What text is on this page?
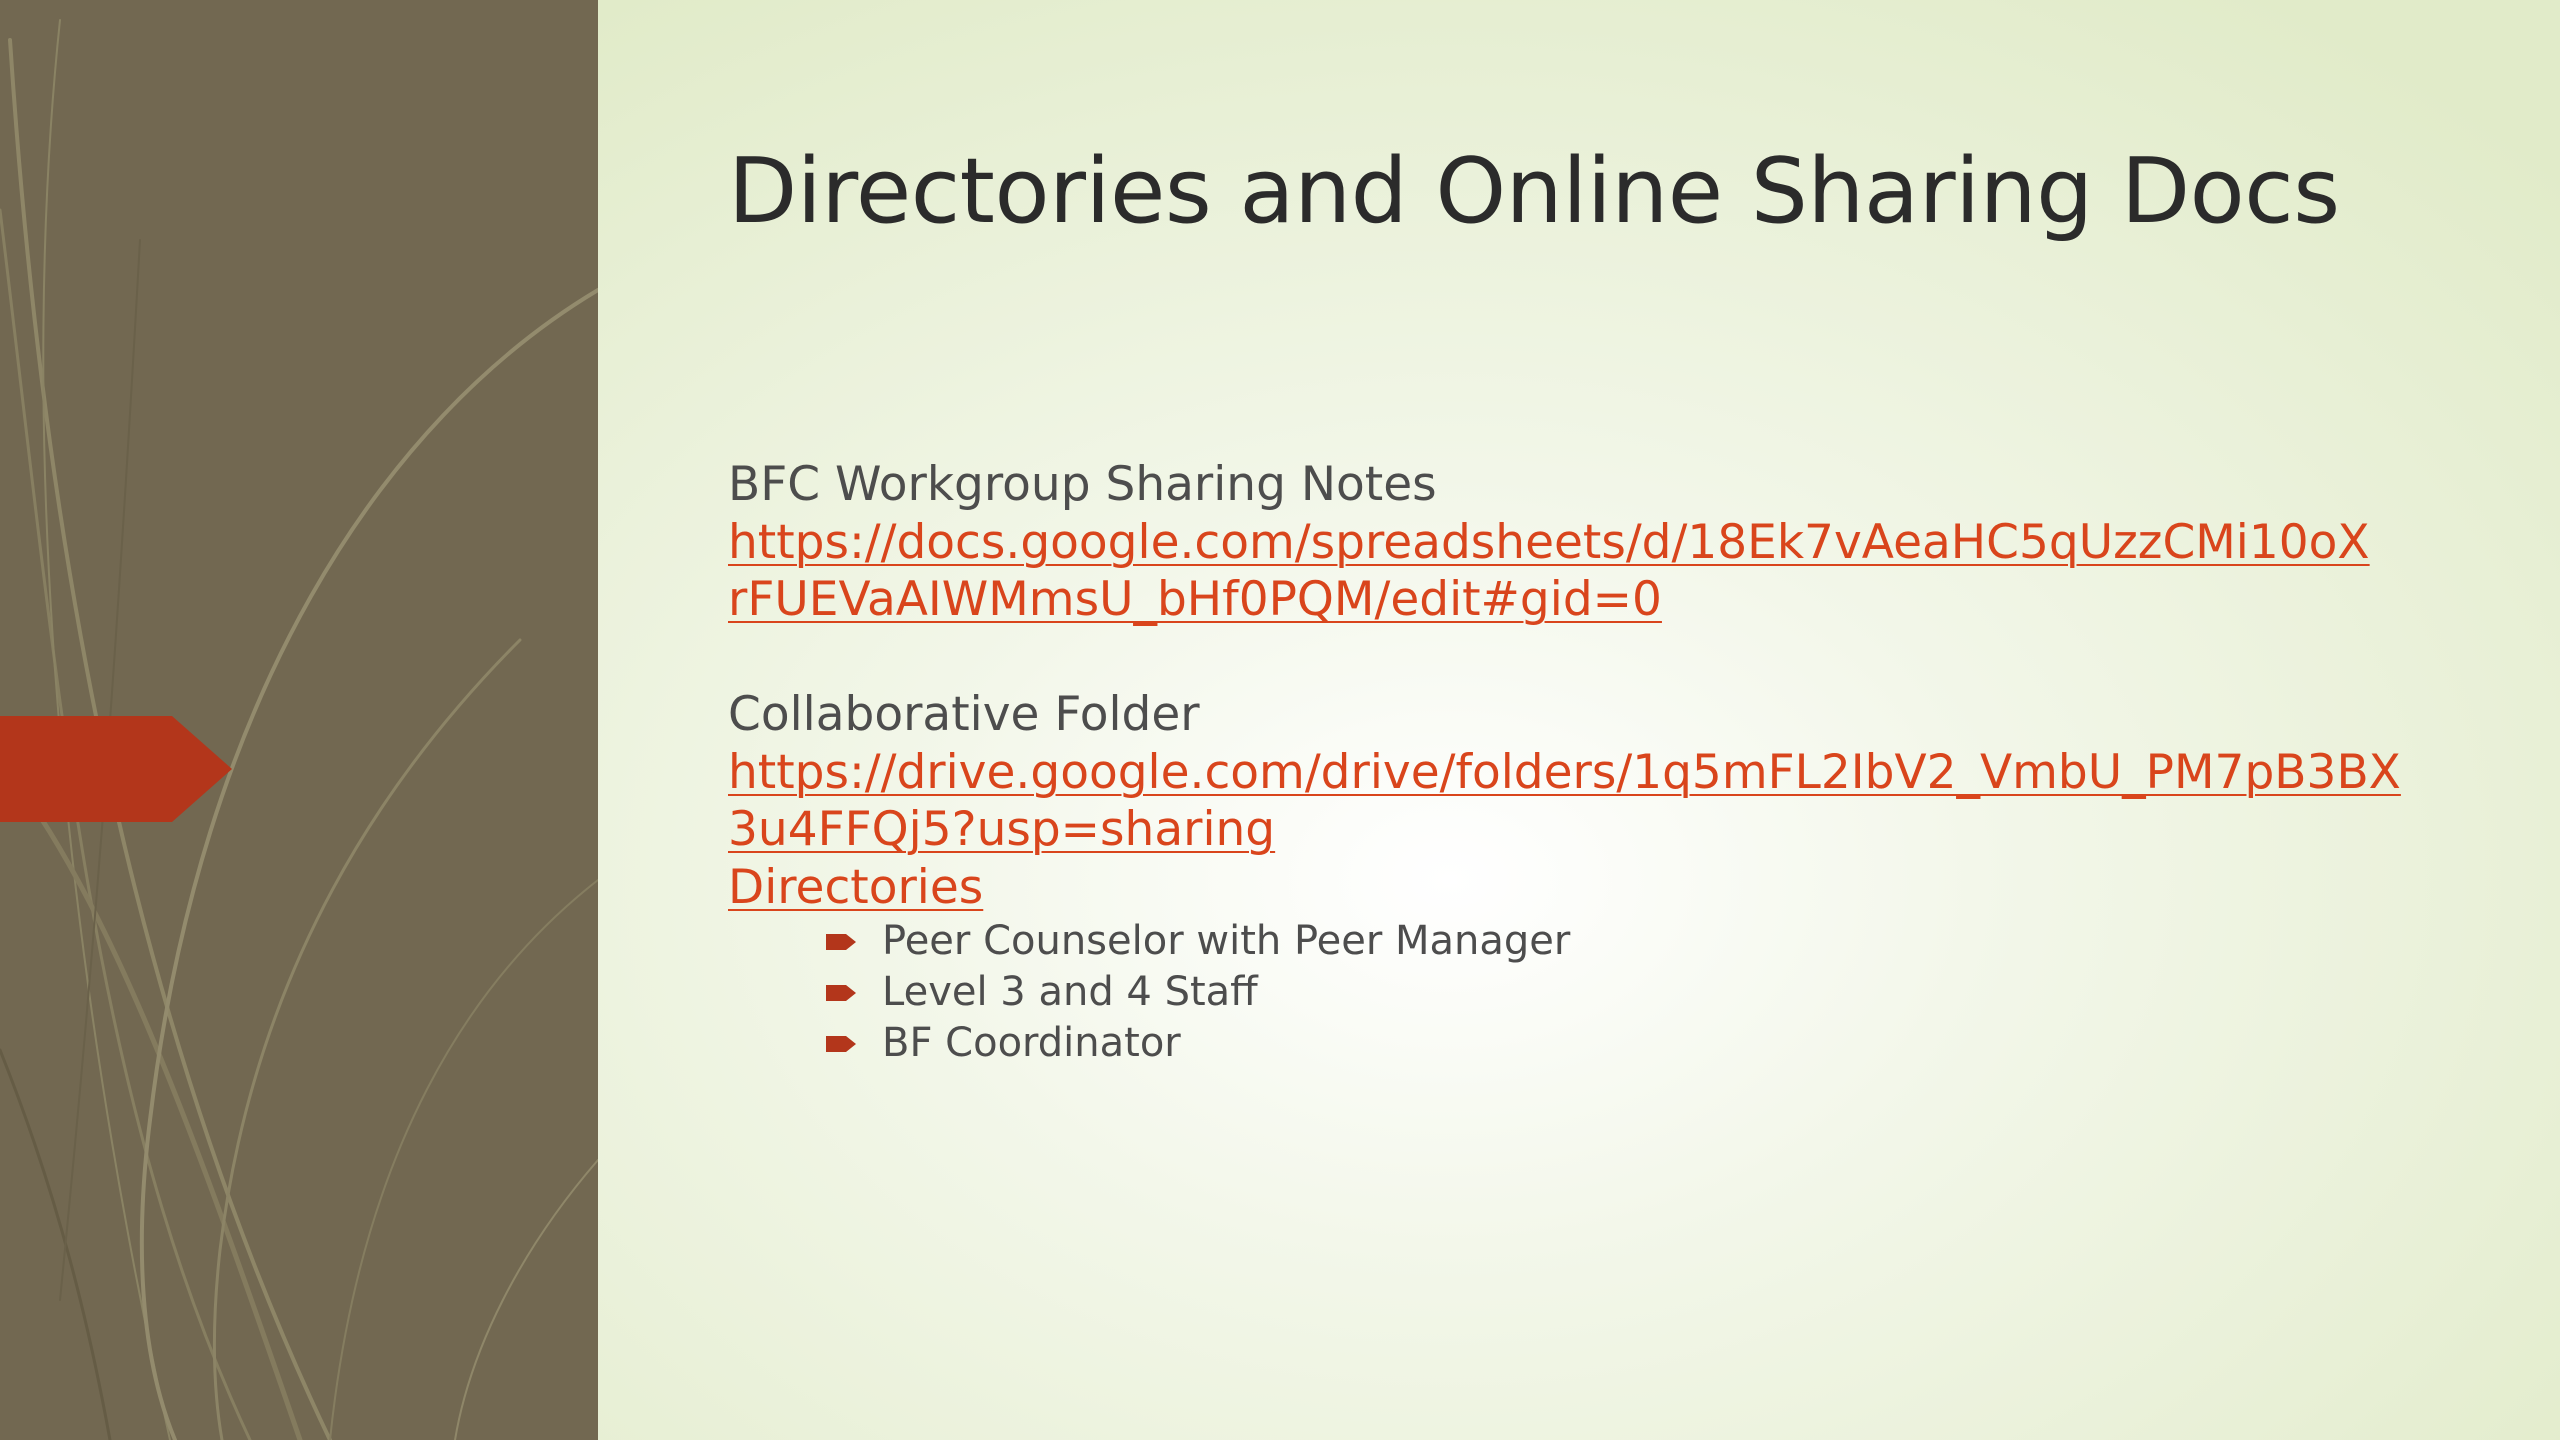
Directories and Online Sharing Docs

BFC Workgroup Sharing Notes

https://docs.google.com/spreadsheets/d/18Ek7vAeaHC5qUzzCMi10oX
rFUEVaAIWMmsU_bHf0PQM/edit#gid=0

Collaborative Folder

https://drive.google.com/drive/folders/1q5mFL2IbV2_VmbU_PM7pB3BX
3u4FFQj5?usp=sharing
Directories
Peer Counselor with Peer Manager
Level 3 and 4 Staff
BF Coordinator
